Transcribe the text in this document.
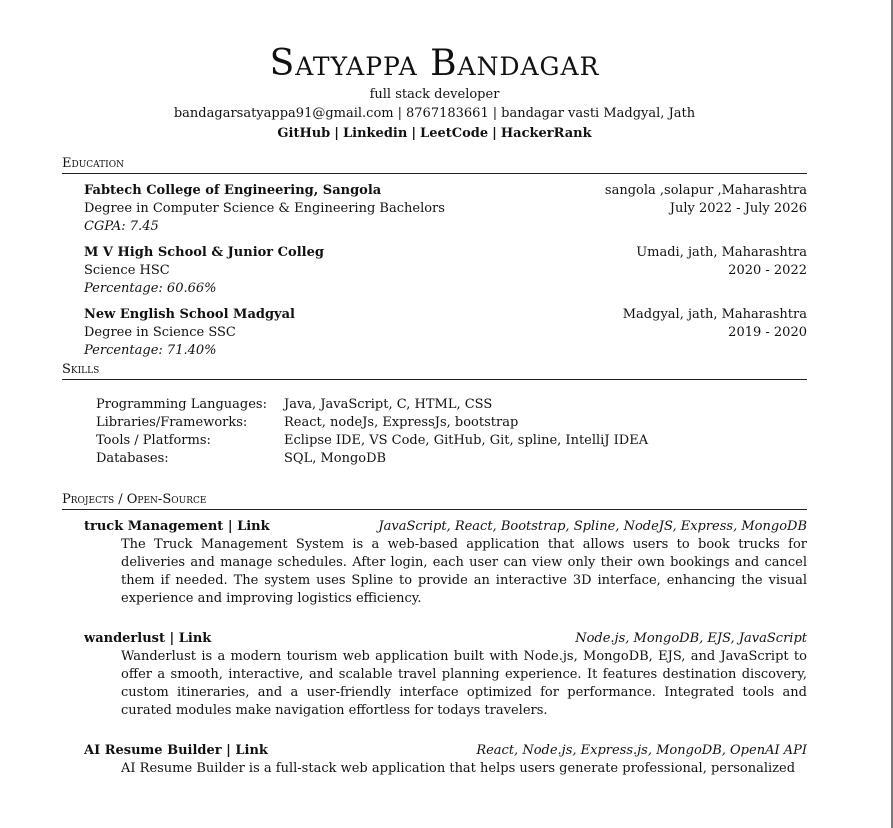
Satyappa Bandagar
full stack developer
bandagarsatyappa91@gmail.com | 8767183661 | bandagar vasti Madgyal, Jath
GitHub | Linkedin | LeetCode | HackerRank
Education
Fabtech College of Engineering, Sangola	sangola ,solapur ,Maharashtra
Degree in Computer Science & Engineering Bachelors	July 2022 - July 2026
CGPA: 7.45
M V High School & Junior Colleg	Umadi, jath, Maharashtra
Science HSC	2020 - 2022
Percentage: 60.66%
New English School Madgyal	Madgyal, jath, Maharashtra
Degree in Science SSC	2019 - 2020
Percentage: 71.40%
Skills
Programming Languages:	Java, JavaScript, C, HTML, CSS
Libraries/Frameworks:	React, nodeJs, ExpressJs, bootstrap
Tools / Platforms:	Eclipse IDE, VS Code, GitHub, Git, spline, IntelliJ IDEA
Databases:	SQL, MongoDB
Projects / Open-Source
truck Management | Link	JavaScript, React, Bootstrap, Spline, NodeJS, Express, MongoDB
The Truck Management System is a web-based application that allows users to book trucks for deliveries and manage schedules. After login, each user can view only their own bookings and cancel them if needed. The system uses Spline to provide an interactive 3D interface, enhancing the visual experience and improving logistics efficiency.
wanderlust | Link	Node.js, MongoDB, EJS, JavaScript
Wanderlust is a modern tourism web application built with Node.js, MongoDB, EJS, and JavaScript to offer a smooth, interactive, and scalable travel planning experience. It features destination discovery, custom itineraries, and a user-friendly interface optimized for performance. Integrated tools and curated modules make navigation effortless for todays travelers.
AI Resume Builder | Link	React, Node.js, Express.js, MongoDB, OpenAI API
AI Resume Builder is a full-stack web application that helps users generate professional, personalized
